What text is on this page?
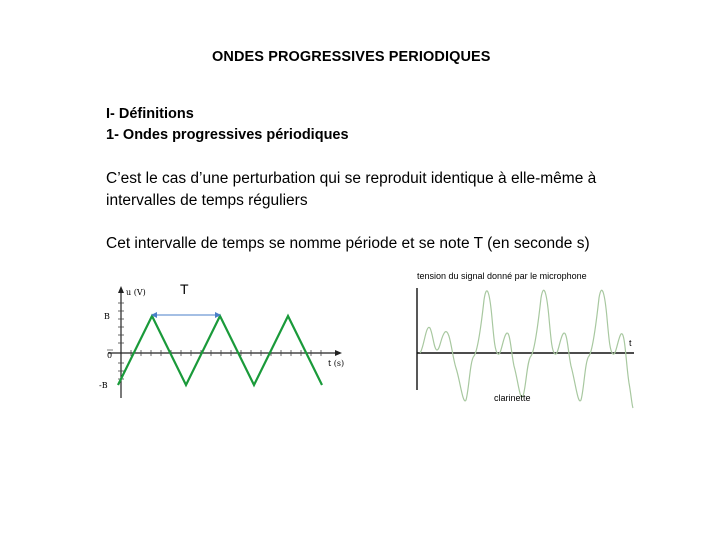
ONDES PROGRESSIVES PERIODIQUES
I- Définitions
1- Ondes progressives périodiques
C’est le cas d’une perturbation qui se reproduit identique à elle-même à intervalles de temps réguliers
Cet intervalle de temps se nomme période et se note T (en seconde s)
u (V)
t (s)
B
0
-B
T
tension du signal donné par le microphone
t
clarinette
